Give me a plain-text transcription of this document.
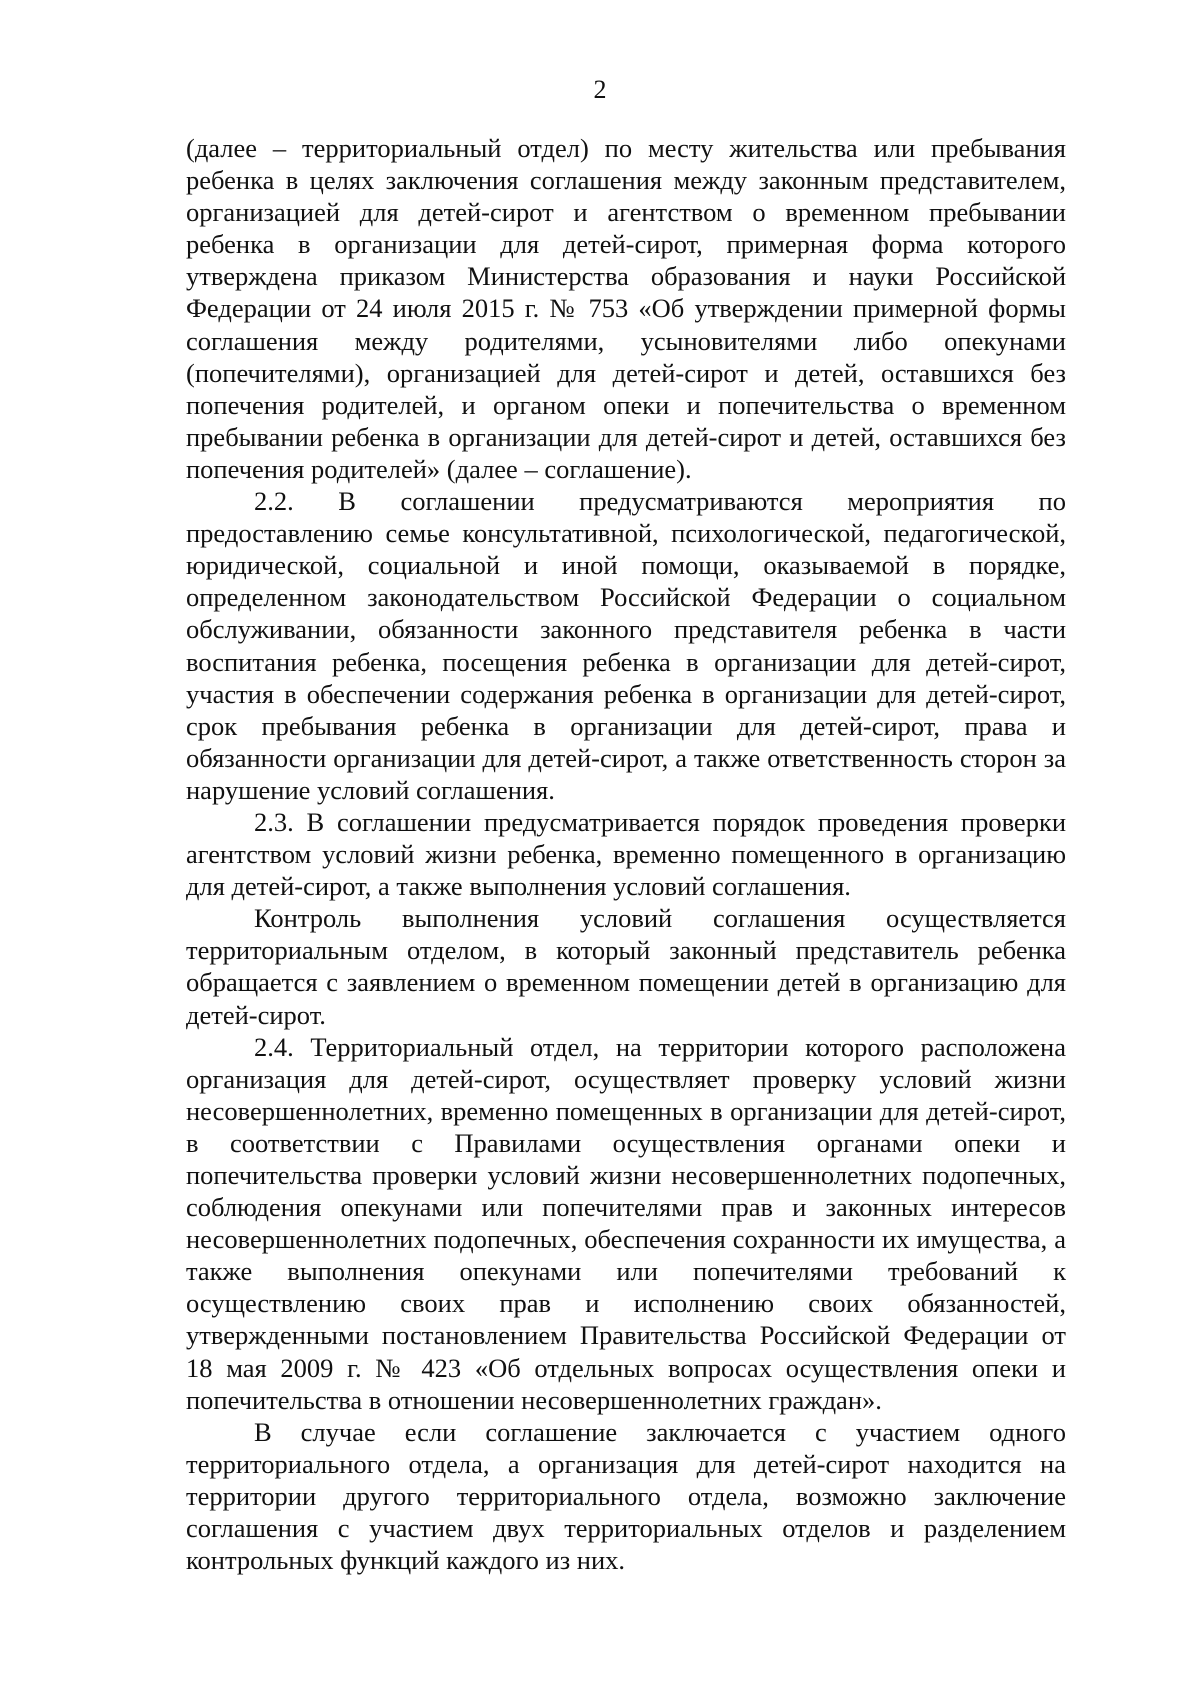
2

(далее – территориальный отдел) по месту жительства или пребывания ребенка в целях заключения соглашения между законным представителем, организацией для детей-сирот и агентством о временном пребывании ребенка в организации для детей-сирот, примерная форма которого утверждена приказом Министерства образования и науки Российской Федерации от 24 июля 2015 г. № 753 «Об утверждении примерной формы соглашения между родителями, усыновителями либо опекунами (попечителями), организацией для детей-сирот и детей, оставшихся без попечения родителей, и органом опеки и попечительства о временном пребывании ребенка в организации для детей-сирот и детей, оставшихся без попечения родителей» (далее – соглашение).

2.2. В соглашении предусматриваются мероприятия по предоставлению семье консультативной, психологической, педагогической, юридической, социальной и иной помощи, оказываемой в порядке, определенном законодательством Российской Федерации о социальном обслуживании, обязанности законного представителя ребенка в части воспитания ребенка, посещения ребенка в организации для детей-сирот, участия в обеспечении содержания ребенка в организации для детей-сирот, срок пребывания ребенка в организации для детей-сирот, права и обязанности организации для детей-сирот, а также ответственность сторон за нарушение условий соглашения.

2.3. В соглашении предусматривается порядок проведения проверки агентством условий жизни ребенка, временно помещенного в организацию для детей-сирот, а также выполнения условий соглашения.

Контроль выполнения условий соглашения осуществляется территориальным отделом, в который законный представитель ребенка обращается с заявлением о временном помещении детей в организацию для детей-сирот.

2.4. Территориальный отдел, на территории которого расположена организация для детей-сирот, осуществляет проверку условий жизни несовершеннолетних, временно помещенных в организации для детей-сирот, в соответствии с Правилами осуществления органами опеки и попечительства проверки условий жизни несовершеннолетних подопечных, соблюдения опекунами или попечителями прав и законных интересов несовершеннолетних подопечных, обеспечения сохранности их имущества, а также выполнения опекунами или попечителями требований к осуществлению своих прав и исполнению своих обязанностей, утвержденными постановлением Правительства Российской Федерации от 18 мая 2009 г. № 423 «Об отдельных вопросах осуществления опеки и попечительства в отношении несовершеннолетних граждан».

В случае если соглашение заключается с участием одного территориального отдела, а организация для детей-сирот находится на территории другого территориального отдела, возможно заключение соглашения с участием двух территориальных отделов и разделением контрольных функций каждого из них.
